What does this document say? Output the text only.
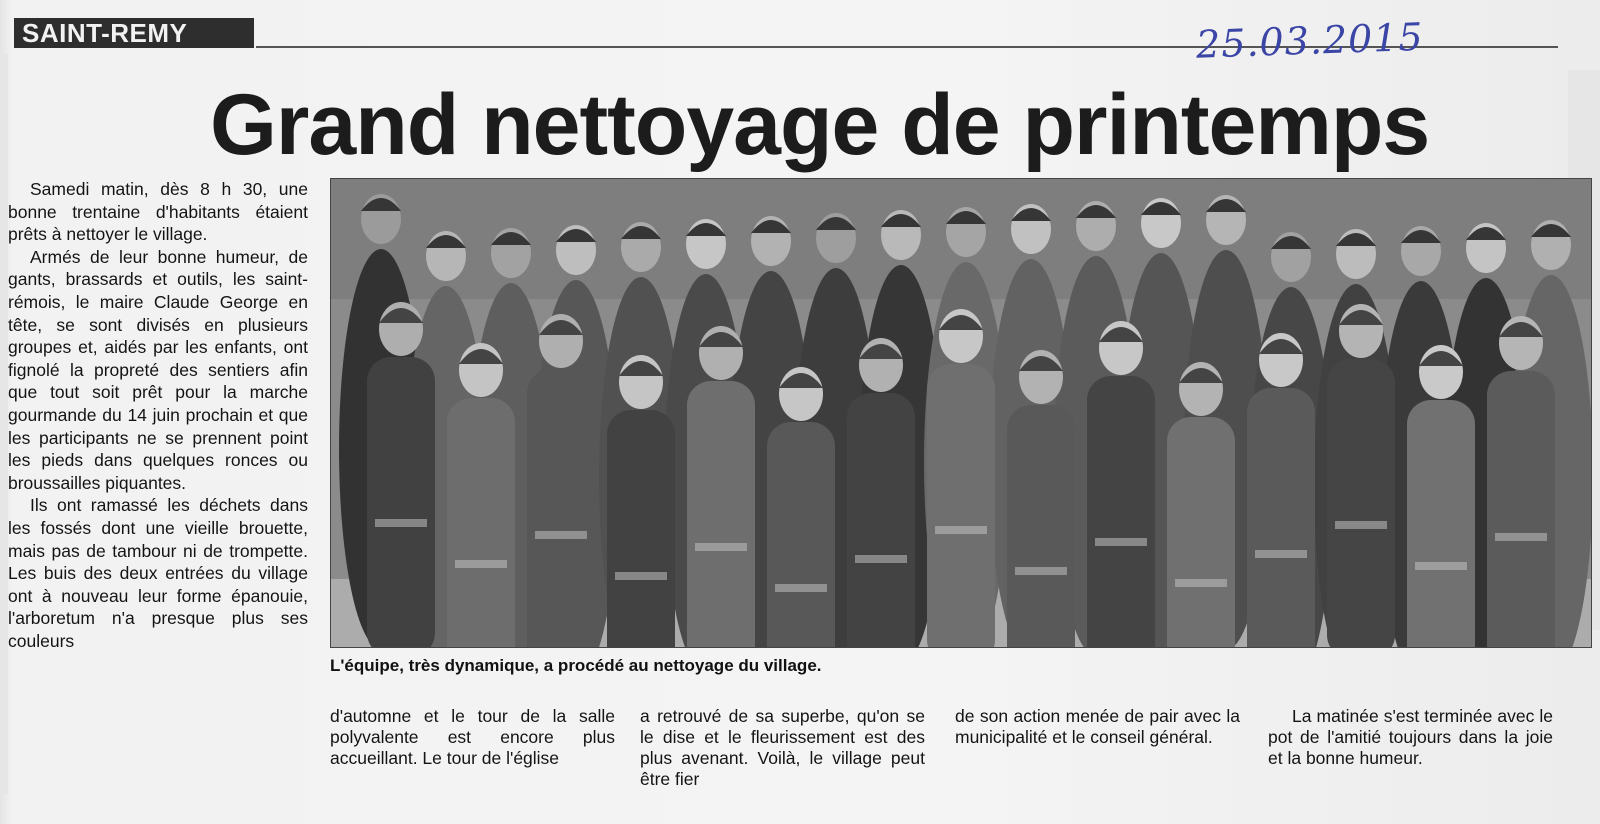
SAINT-REMY	25.03.2015
Grand nettoyage de printemps

Samedi matin, dès 8 h 30, une bonne trentaine d'habitants étaient prêts à nettoyer le village.

Armés de leur bonne humeur, de gants, brassards et outils, les saint-rémois, le maire Claude George en tête, se sont divisés en plusieurs groupes et, aidés par les enfants, ont fignolé la propreté des sentiers afin que tout soit prêt pour la marche gourmande du 14 juin prochain et que les participants ne se prennent point les pieds dans quelques ronces ou broussailles piquantes.

Ils ont ramassé les déchets dans les fossés dont une vieille brouette, mais pas de tambour ni de trompette. Les buis des deux entrées du village ont à nouveau leur forme épanouie, l'arboretum n'a presque plus ses couleurs

L'équipe, très dynamique, a procédé au nettoyage du village.

d'automne et le tour de la salle polyvalente est encore plus accueillant. Le tour de l'église

a retrouvé de sa superbe, qu'on se le dise et le fleurissement est des plus avenant. Voilà, le village peut être fier

de son action menée de pair avec la municipalité et le conseil général.

La matinée s'est terminée avec le pot de l'amitié toujours dans la joie et la bonne humeur.
